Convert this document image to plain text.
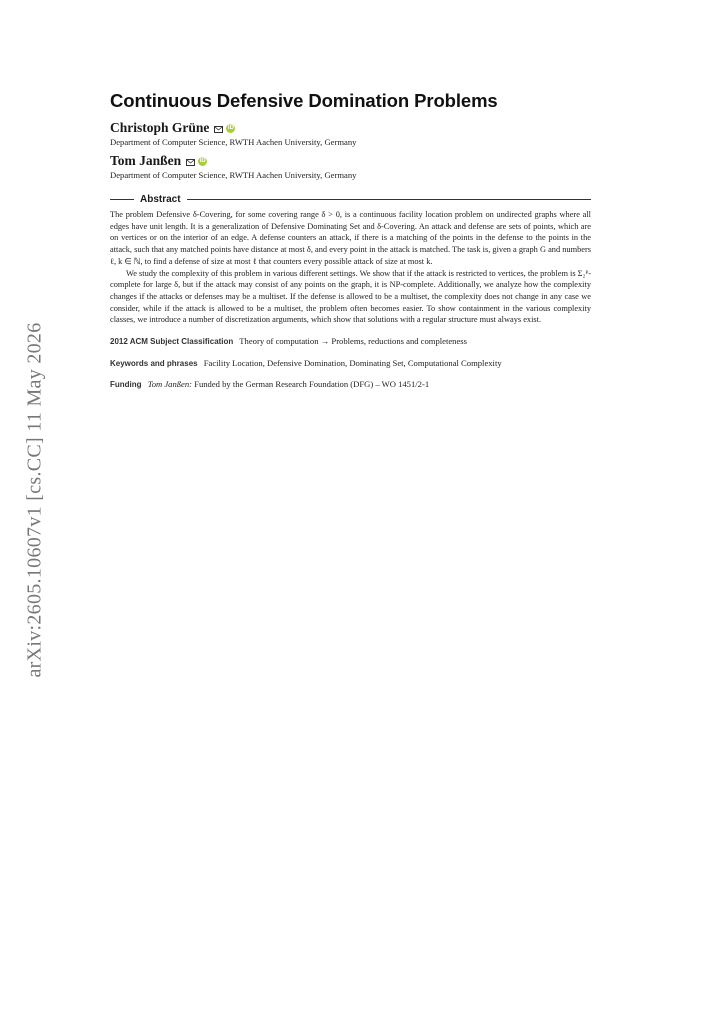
arXiv:2605.10607v1 [cs.CC] 11 May 2026
Continuous Defensive Domination Problems
Christoph Grüne	iD
Department of Computer Science, RWTH Aachen University, Germany
Tom Janßen	iD
Department of Computer Science, RWTH Aachen University, Germany
Abstract

The problem Defensive δ-Covering, for some covering range δ > 0, is a continuous facility location problem on undirected graphs where all edges have unit length. It is a generalization of Defensive Dominating Set and δ-Covering. An attack and defense are sets of points, which are on vertices or on the interior of an edge. A defense counters an attack, if there is a matching of the points in the defense to the points in the attack, such that any matched points have distance at most δ, and every point in the attack is matched. The task is, given a graph G and numbers ℓ, k ∈ ℕ, to find a defense of size at most ℓ that counters every possible attack of size at most k.

We study the complexity of this problem in various different settings. We show that if the attack is restricted to vertices, the problem is Σ₂ᴾ-complete for large δ, but if the attack may consist of any points on the graph, it is NP-complete. Additionally, we analyze how the complexity changes if the attacks or defenses may be a multiset. If the defense is allowed to be a multiset, the complexity does not change in any case we consider, while if the attack is allowed to be a multiset, the problem often becomes easier. To show containment in the various complexity classes, we introduce a number of discretization arguments, which show that solutions with a regular structure must always exist.

2012 ACM Subject Classification Theory of computation → Problems, reductions and completeness
Keywords and phrases Facility Location, Defensive Domination, Dominating Set, Computational Complexity
Funding Tom Janßen: Funded by the German Research Foundation (DFG) – WO 1451/2-1
